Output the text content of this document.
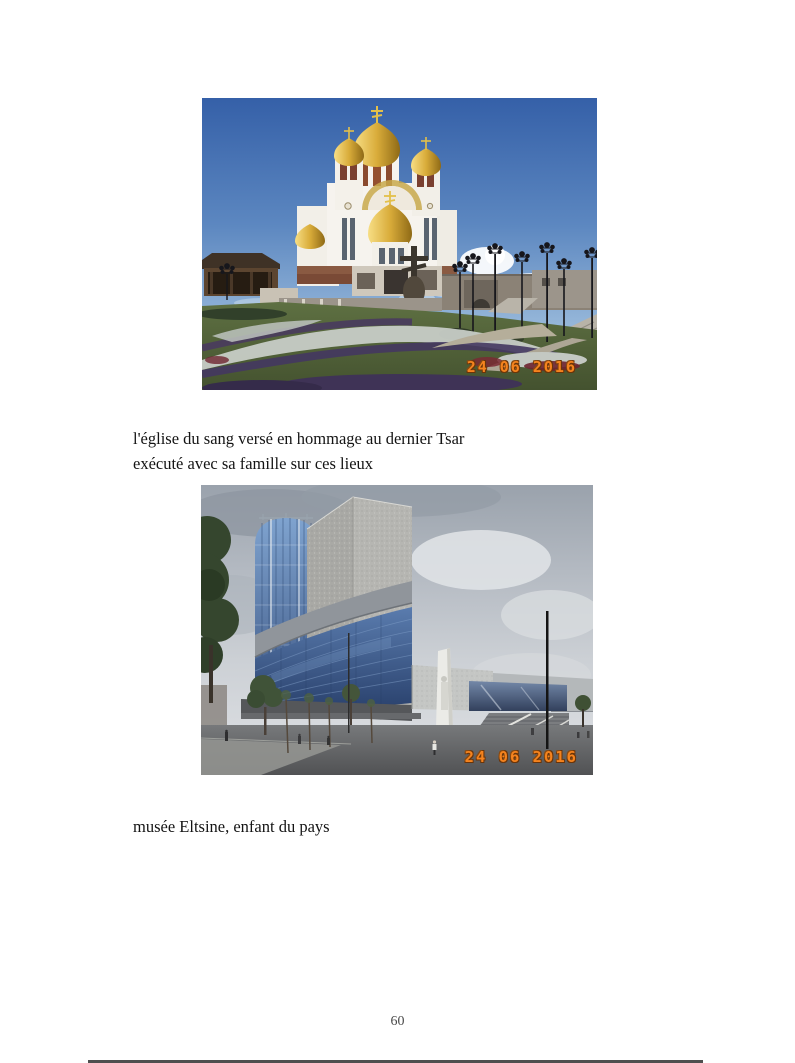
24 06 2016
l'église du sang versé en hommage au dernier Tsar
exécuté avec sa famille sur ces lieux
24 06 2016
musée Eltsine, enfant du pays
60
